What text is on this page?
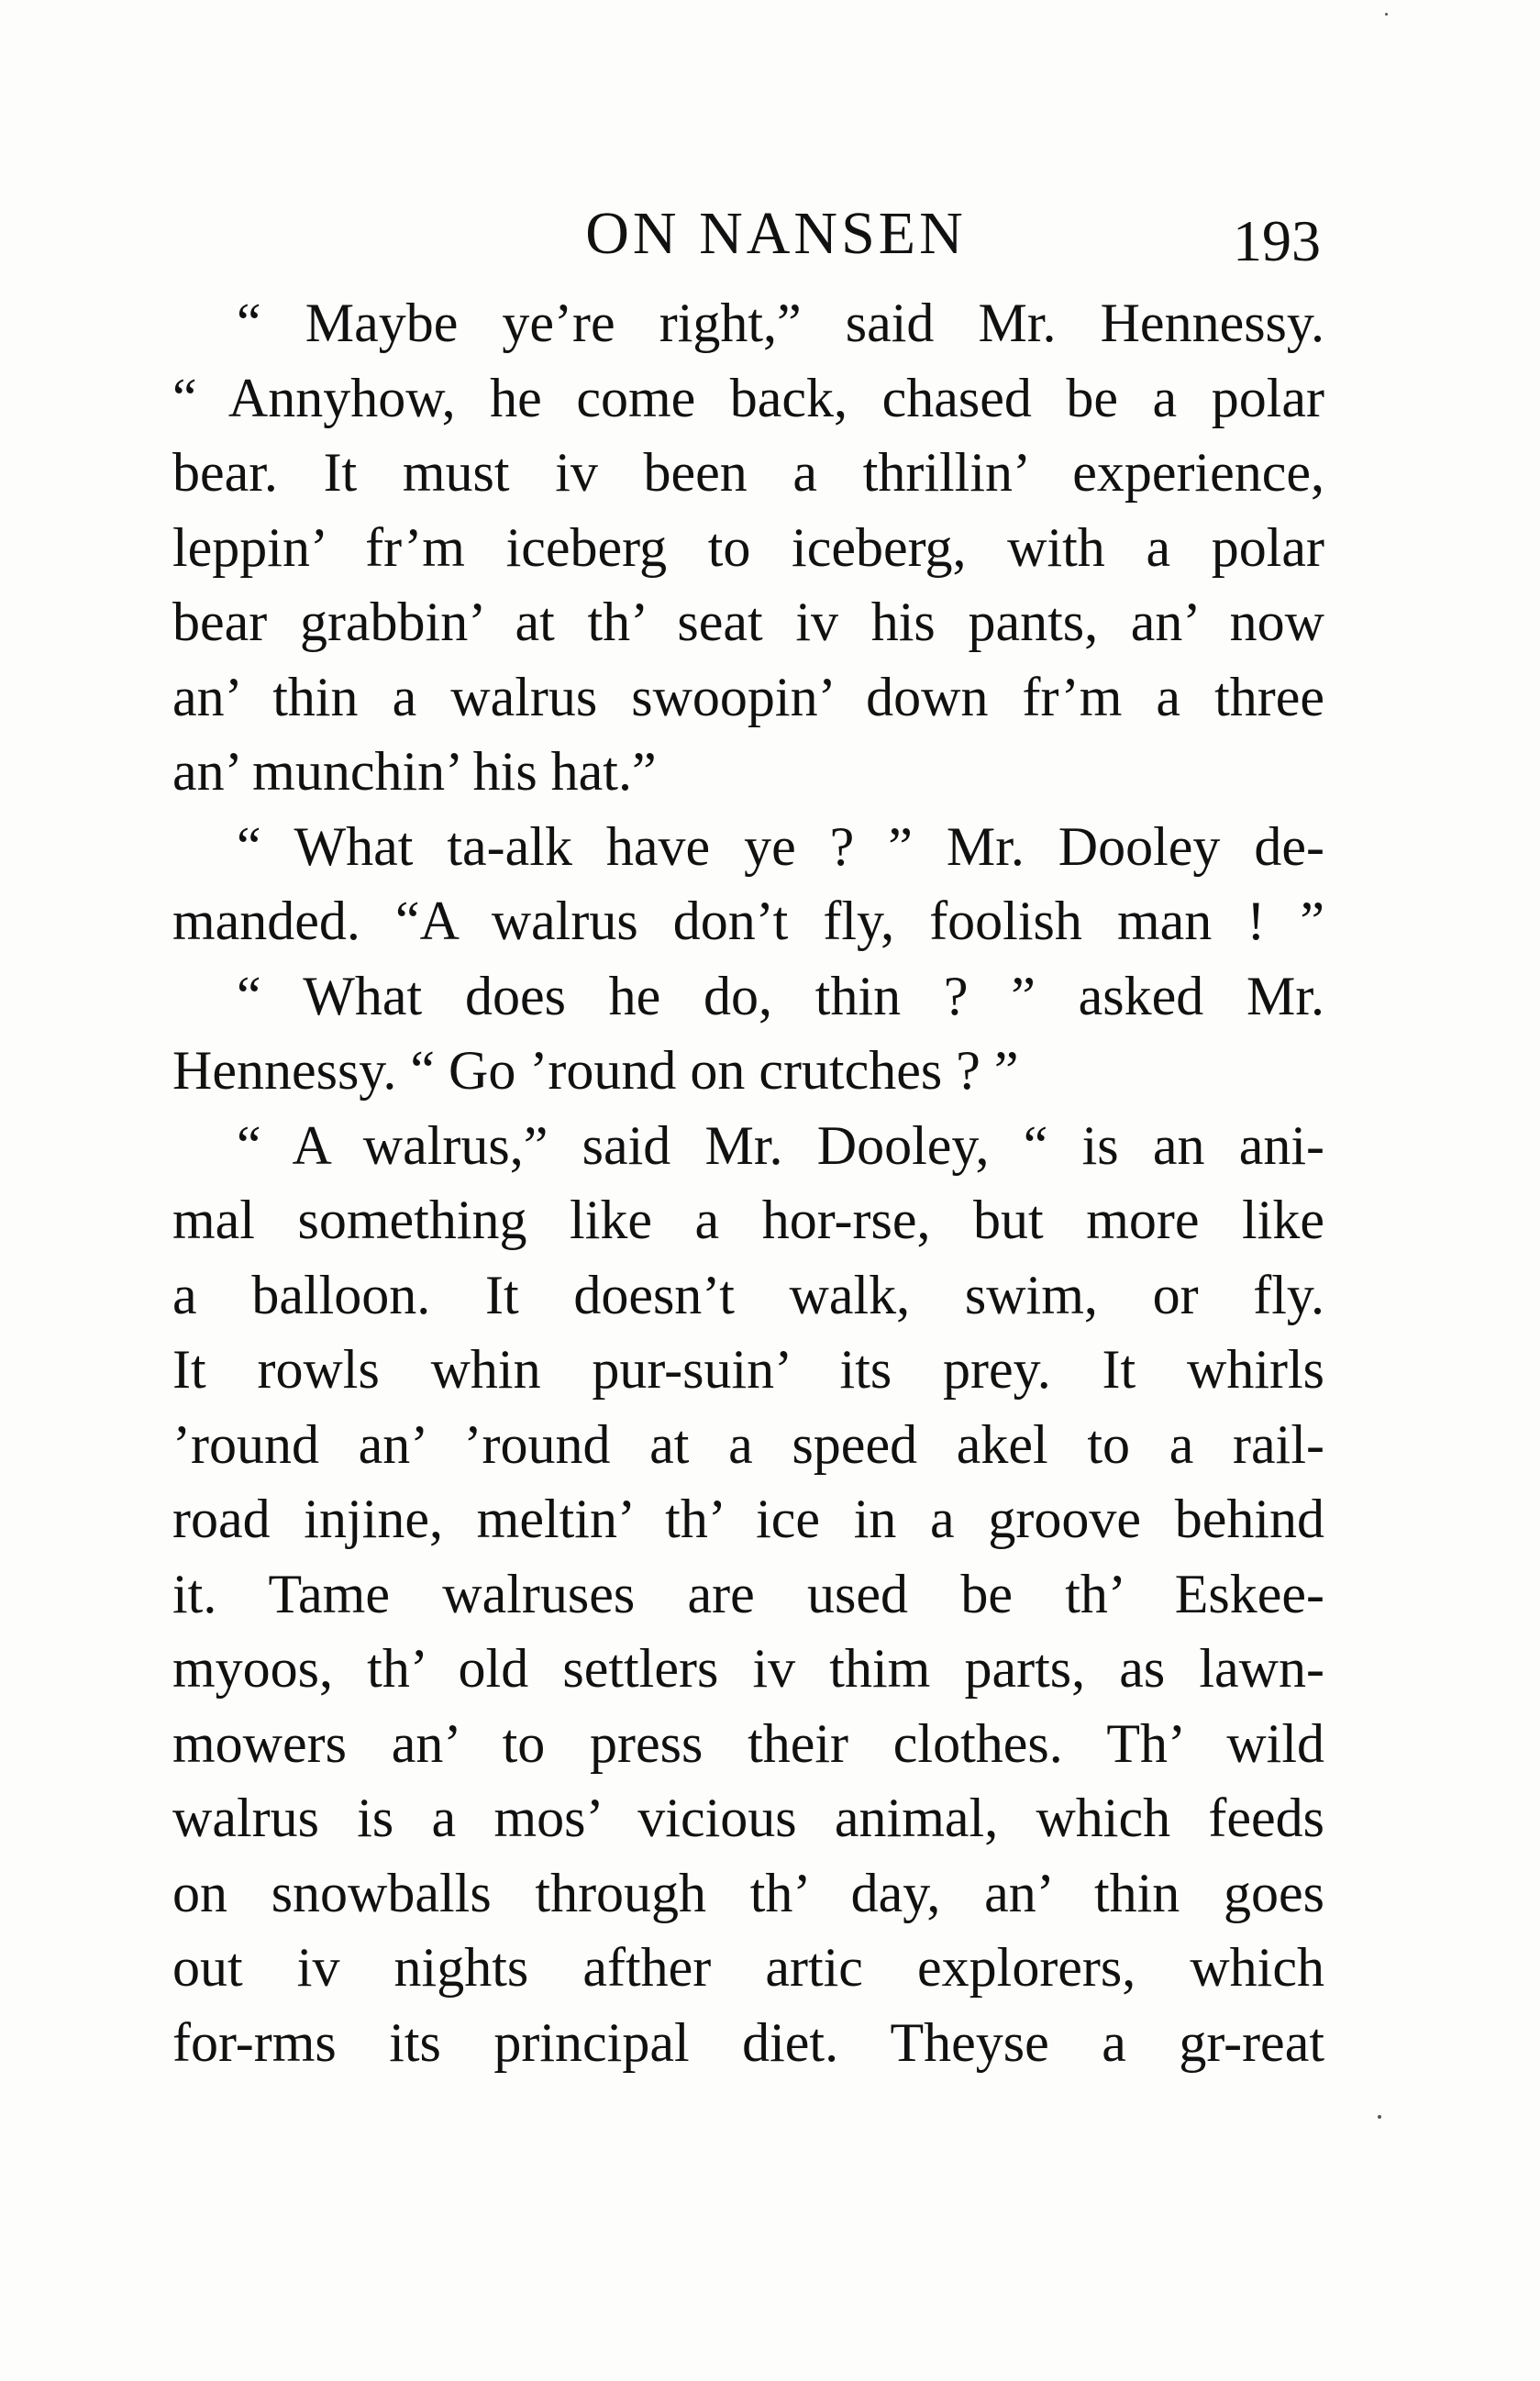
ON NANSEN	193
“ Maybe ye’re right,” said Mr. Hennessy.
“ Annyhow, he come back, chased be a polar
bear. It must iv been a thrillin’ experience,
leppin’ fr’m iceberg to iceberg, with a polar
bear grabbin’ at th’ seat iv his pants, an’ now
an’ thin a walrus swoopin’ down fr’m a three
an’ munchin’ his hat.”
“ What ta-alk have ye ? ” Mr. Dooley de-
manded. “A walrus don’t fly, foolish man ! ”
“ What does he do, thin ? ” asked Mr.
Hennessy. “ Go ’round on crutches ? ”
“ A walrus,” said Mr. Dooley, “ is an ani-
mal something like a hor-rse, but more like
a balloon. It doesn’t walk, swim, or fly.
It rowls whin pur-suin’ its prey. It whirls
’round an’ ’round at a speed akel to a rail-
road injine, meltin’ th’ ice in a groove behind
it. Tame walruses are used be th’ Eskee-
myoos, th’ old settlers iv thim parts, as lawn-
mowers an’ to press their clothes. Th’ wild
walrus is a mos’ vicious animal, which feeds
on snowballs through th’ day, an’ thin goes
out iv nights afther artic explorers, which
for-rms its principal diet. Theyse a gr-reat
